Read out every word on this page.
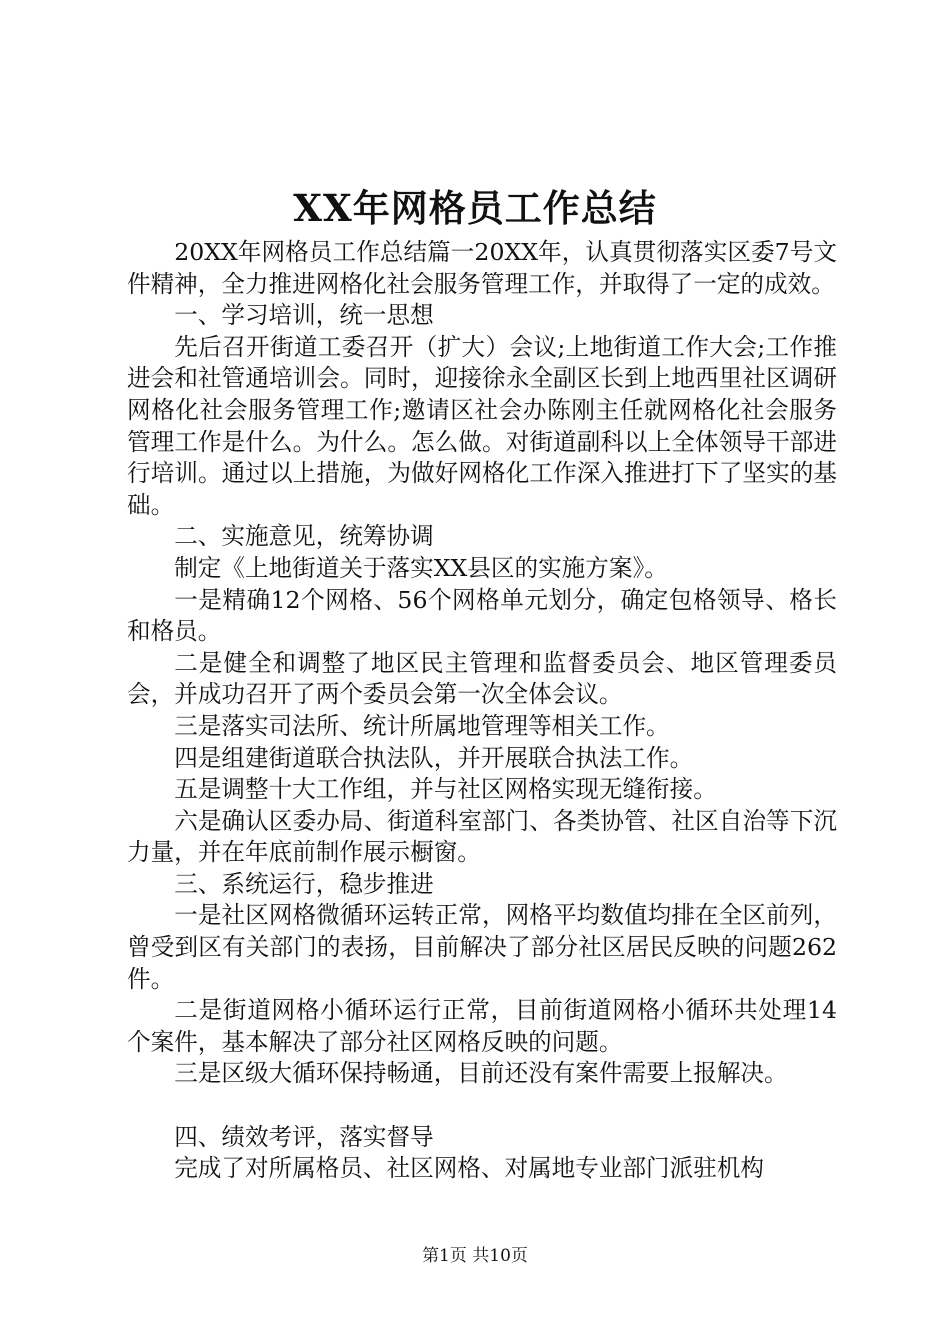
XX年网格员工作总结

20XX年网格员工作总结篇一20XX年，认真贯彻落实区委7号文件精神，全力推进网格化社会服务管理工作，并取得了一定的成效。

一、学习培训，统一思想

先后召开街道工委召开（扩大）会议;上地街道工作大会;工作推进会和社管通培训会。同时，迎接徐永全副区长到上地西里社区调研网格化社会服务管理工作;邀请区社会办陈刚主任就网格化社会服务管理工作是什么。为什么。怎么做。对街道副科以上全体领导干部进行培训。通过以上措施，为做好网格化工作深入推进打下了坚实的基础。

二、实施意见，统筹协调

制定《上地街道关于落实XX县区的实施方案》。

一是精确12个网格、56个网格单元划分，确定包格领导、格长和格员。

二是健全和调整了地区民主管理和监督委员会、地区管理委员会，并成功召开了两个委员会第一次全体会议。

三是落实司法所、统计所属地管理等相关工作。

四是组建街道联合执法队，并开展联合执法工作。

五是调整十大工作组，并与社区网格实现无缝衔接。

六是确认区委办局、街道科室部门、各类协管、社区自治等下沉力量，并在年底前制作展示橱窗。

三、系统运行，稳步推进

一是社区网格微循环运转正常，网格平均数值均排在全区前列，曾受到区有关部门的表扬，目前解决了部分社区居民反映的问题262件。

二是街道网格小循环运行正常，目前街道网格小循环共处理14个案件，基本解决了部分社区网格反映的问题。

三是区级大循环保持畅通，目前还没有案件需要上报解决。

四、绩效考评，落实督导

完成了对所属格员、社区网格、对属地专业部门派驻机构

第1页 共10页
